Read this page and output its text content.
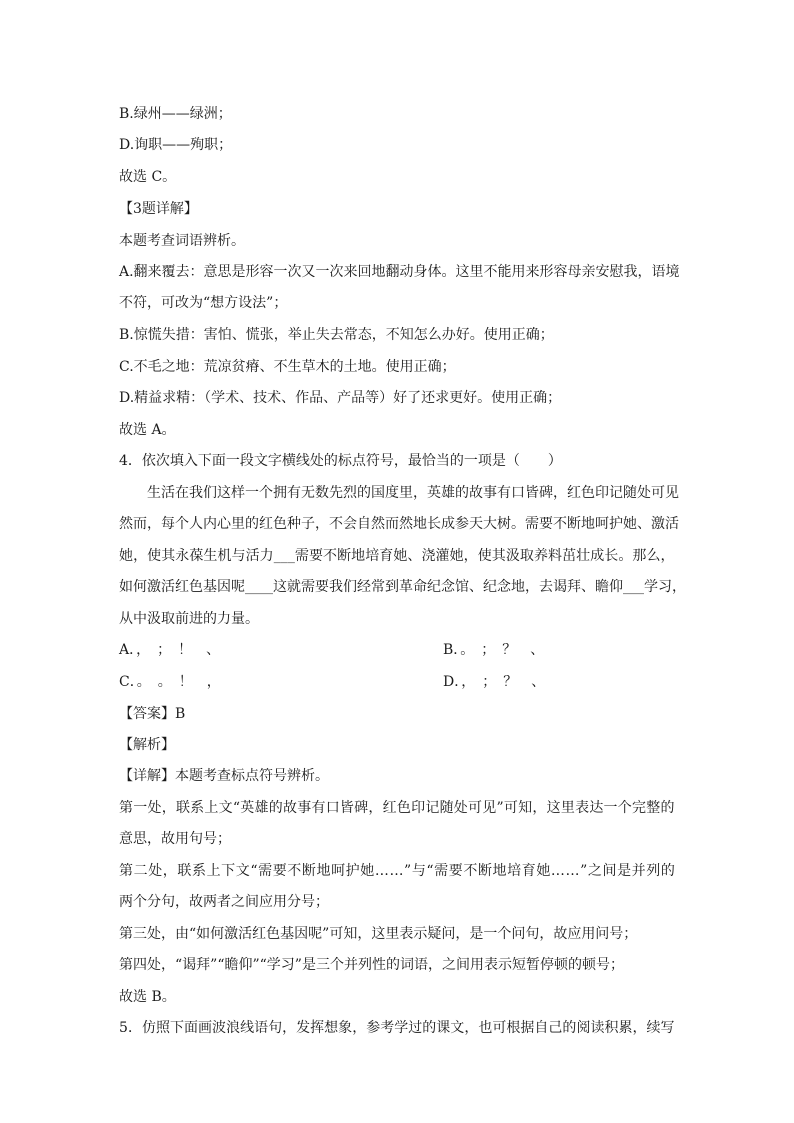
B.绿州——绿洲；
D.询职——殉职；
故选 C。
【3题详解】
本题考查词语辨析。
A.翻来覆去：意思是形容一次又一次来回地翻动身体。这里不能用来形容母亲安慰我，语境
不符，可改为“想方设法”；
B.惊慌失措：害怕、慌张，举止失去常态，不知怎么办好。使用正确；
C.不毛之地：荒凉贫瘠、不生草木的土地。使用正确；
D.精益求精：（学术、技术、作品、产品等）好了还求更好。使用正确；
故选 A。
4．依次填入下面一段文字横线处的标点符号，最恰当的一项是（　　）
生 活 在 我 们 这 样 一 个 拥 有 无 数 先 烈 的 国 度 里 ， 英 雄 的 故 事 有 口 皆 碑 ， 红 色 印 记 随 处 可 见
然 而 ， 每 个 人 内 心 里 的 红 色 种 子 ， 不 会 自 然 而 然 地 长 成 参 天 大 树 。 需 要 不 断 地 呵 护 她 、 激 活
她 ， 使 其 永 葆 生 机 与 活 力 _ _ _ 需 要 不 断 地 培 育 她 、 浇 灌 她 ， 使 其 汲 取 养 料 茁 壮 成 长 。 那 么 ，
如 何 激 活 红 色 基 因 呢 _ _ _ _ 这 就 需 要 我 们 经 常 到 革 命 纪 念 馆 、 纪 念 地 ， 去 谒 拜 、 瞻 仰 _ _ _ 学 习 ，
从中汲取前进的力量。
A．，　；　！　、	B．。　；　？　、
C．。　。　！　，	D．，　；　？　、
【答案】B
【解析】
【详解】本题考查标点符号辨析。
第 一 处 ， 联 系 上 文 “ 英 雄 的 故 事 有 口 皆 碑 ， 红 色 印 记 随 处 可 见 ” 可 知 ， 这 里 表 达 一 个 完 整 的
意思，故用句号；
第 二 处 ， 联 系 上 下 文 “ 需 要 不 断 地 呵 护 她 … … ” 与 “ 需 要 不 断 地 培 育 她 … … ” 之 间 是 并 列 的
两个分句，故两者之间应用分号；
第三处，由“如何激活红色基因呢”可知，这里表示疑问，是一个问句，故应用问号；
第四处，“谒拜”“瞻仰”“学习”是三个并列性的词语，之间用表示短暂停顿的顿号；
故选 B。
5 ． 仿 照 下 面 画 波 浪 线 语 句 ， 发 挥 想 象 ， 参 考 学 过 的 课 文 ， 也 可 根 据 自 己 的 阅 读 积 累 ， 续 写
